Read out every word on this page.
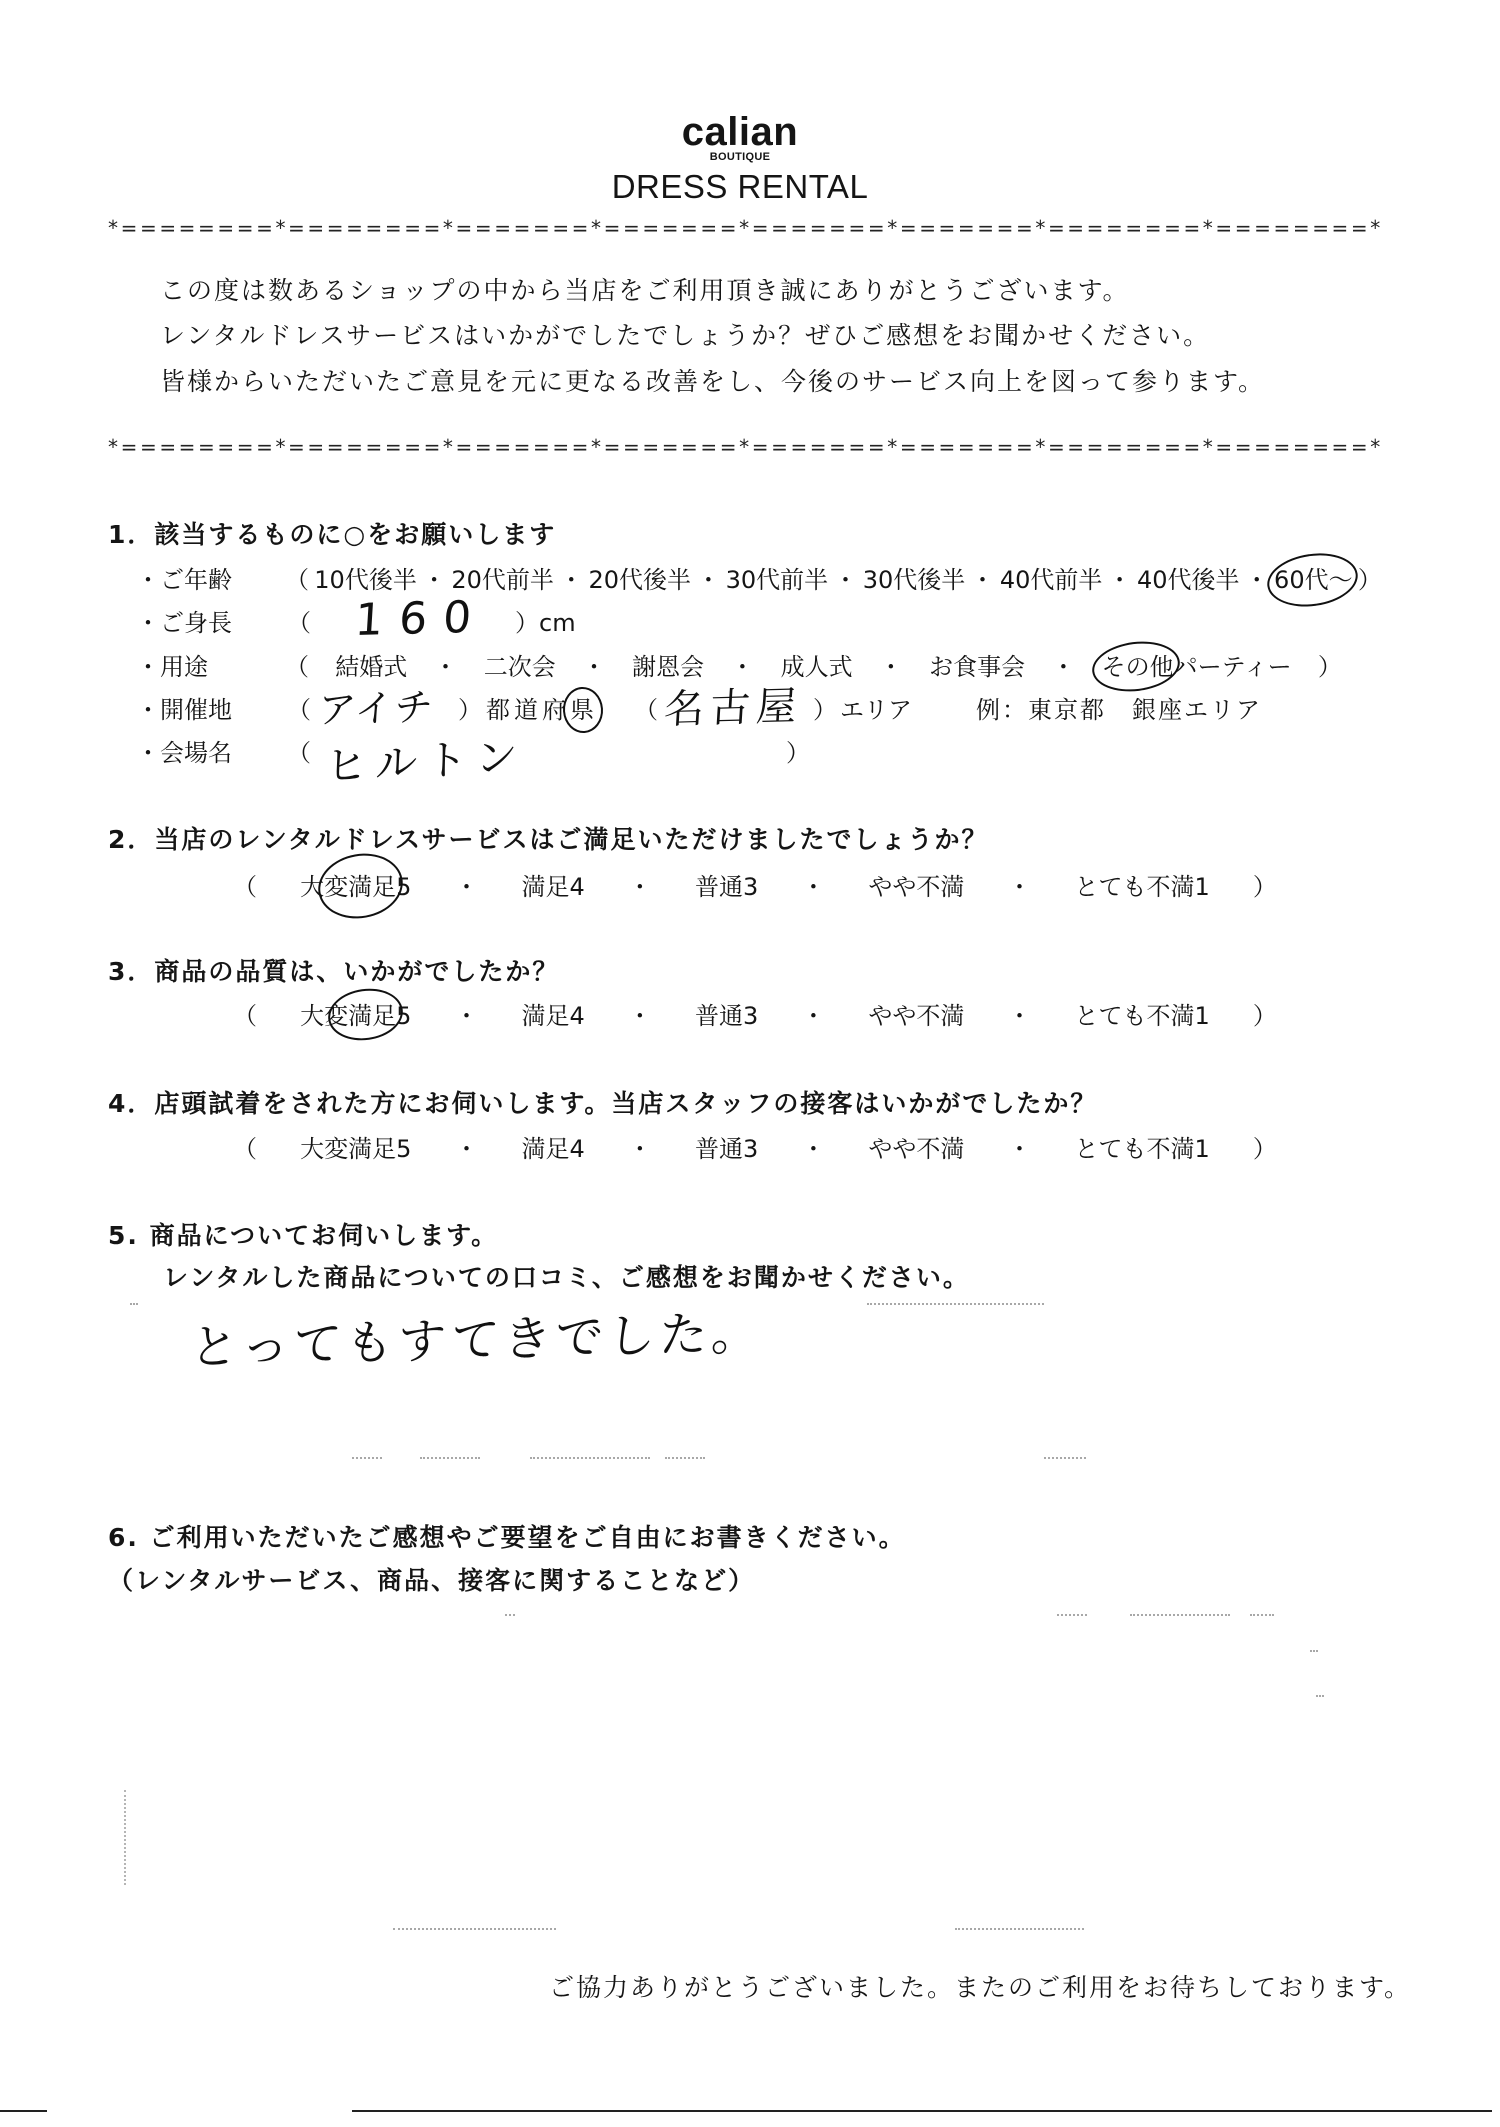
calian
BOUTIQUE
DRESS RENTAL
*========*========*=======*=======*=======*=======*========*========*
この度は数あるショップの中から当店をご利用頂き誠にありがとうございます。
レンタルドレスサービスはいかがでしたでしょうか？ぜひご感想をお聞かせください。
皆様からいただいたご意見を元に更なる改善をし、今後のサービス向上を図って参ります。
*========*========*=======*=======*=======*=======*========*========*
1．該当するものに○をお願いします
・ご年齢 （ 10代後半 ・ 20代前半 ・ 20代後半 ・ 30代前半 ・ 30代後半 ・ 40代前半 ・ 40代後半 ・ 60代～ ）
・ご身長 （ 160 ） cm
・用途	（ 結婚式 ・ 二次会 ・ 謝恩会 ・ 成人式 ・ お食事会 ・ その他パーティー ）
・開催地 （ アイチ ） 都 道 府 県 （ 名古屋 ） エリア	例：東京都　銀座エリア
・会場名 （ ヒルトン	）
2．当店のレンタルドレスサービスはご満足いただけましたでしょうか？
（ 大変満足5 ・ 満足4 ・ 普通3 ・ やや不満 ・ とても不満1 ）
3．商品の品質は、いかがでしたか？
（ 大変満足5 ・ 満足4 ・ 普通3 ・ やや不満 ・ とても不満1 ）
4．店頭試着をされた方にお伺いします。当店スタッフの接客はいかがでしたか？
（ 大変満足5 ・ 満足4 ・ 普通3 ・ やや不満 ・ とても不満1 ）
5. 商品についてお伺いします。
レンタルした商品についての口コミ、ご感想をお聞かせください。
とってもすてきでした。
6. ご利用いただいたご感想やご要望をご自由にお書きください。
（レンタルサービス、商品、接客に関することなど）
ご協力ありがとうございました。またのご利用をお待ちしております。
